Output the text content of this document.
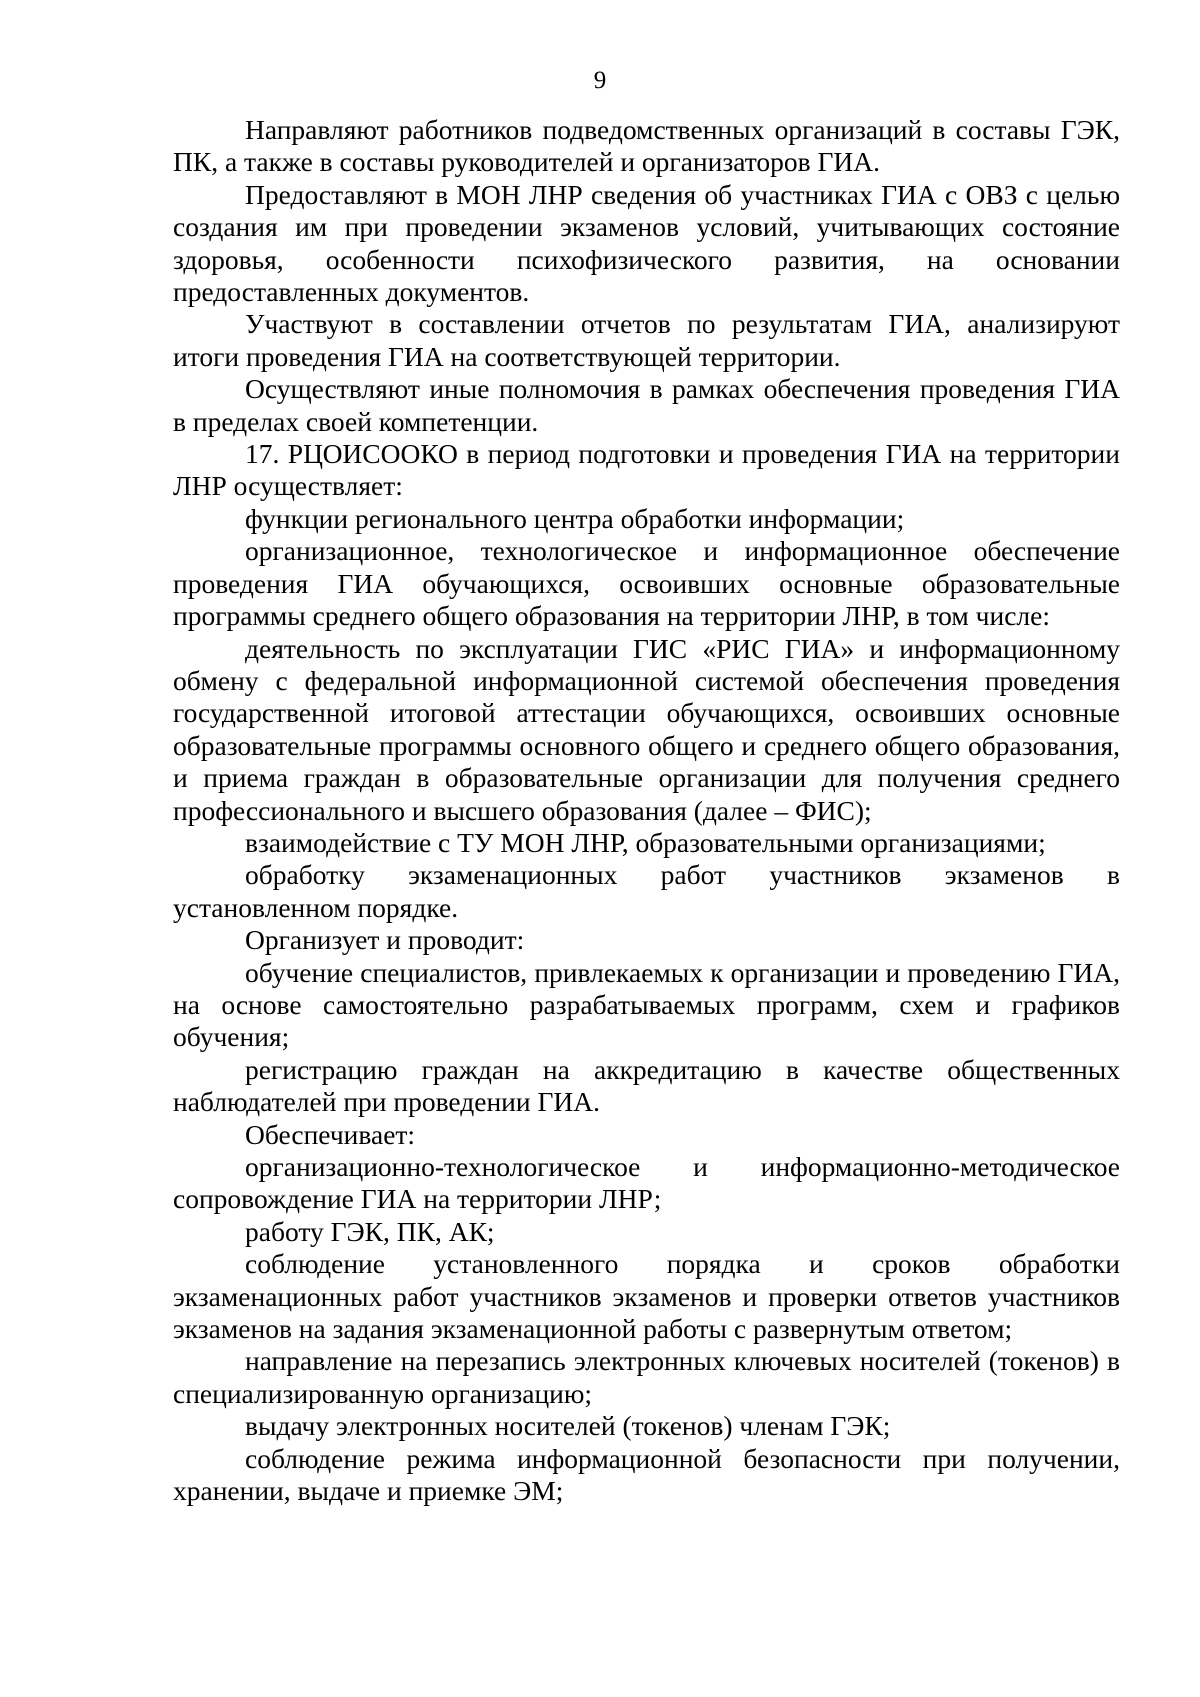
9

Направляют работников подведомственных организаций в составы ГЭК, ПК, а также в составы руководителей и организаторов ГИА.

Предоставляют в МОН ЛНР сведения об участниках ГИА с ОВЗ с целью создания им при проведении экзаменов условий, учитывающих состояние здоровья, особенности психофизического развития, на основании предоставленных документов.

Участвуют в составлении отчетов по результатам ГИА, анализируют итоги проведения ГИА на соответствующей территории.

Осуществляют иные полномочия в рамках обеспечения проведения ГИА в пределах своей компетенции.

17. РЦОИСООКО в период подготовки и проведения ГИА на территории ЛНР осуществляет:

функции регионального центра обработки информации;

организационное, технологическое и информационное обеспечение проведения ГИА обучающихся, освоивших основные образовательные программы среднего общего образования на территории ЛНР, в том числе:

деятельность по эксплуатации ГИС «РИС ГИА» и информационному обмену с федеральной информационной системой обеспечения проведения государственной итоговой аттестации обучающихся, освоивших основные образовательные программы основного общего и среднего общего образования, и приема граждан в образовательные организации для получения среднего профессионального и высшего образования (далее – ФИС);

взаимодействие с ТУ МОН ЛНР, образовательными организациями;

обработку экзаменационных работ участников экзаменов в установленном порядке.

Организует и проводит:

обучение специалистов, привлекаемых к организации и проведению ГИА, на основе самостоятельно разрабатываемых программ, схем и графиков обучения;

регистрацию граждан на аккредитацию в качестве общественных наблюдателей при проведении ГИА.

Обеспечивает:

организационно-технологическое и информационно-методическое сопровождение ГИА на территории ЛНР;

работу ГЭК, ПК, АК;

соблюдение установленного порядка и сроков обработки экзаменационных работ участников экзаменов и проверки ответов участников экзаменов на задания экзаменационной работы с развернутым ответом;

направление на перезапись электронных ключевых носителей (токенов) в специализированную организацию;

выдачу электронных носителей (токенов) членам ГЭК;

соблюдение режима информационной безопасности при получении, хранении, выдаче и приемке ЭМ;
